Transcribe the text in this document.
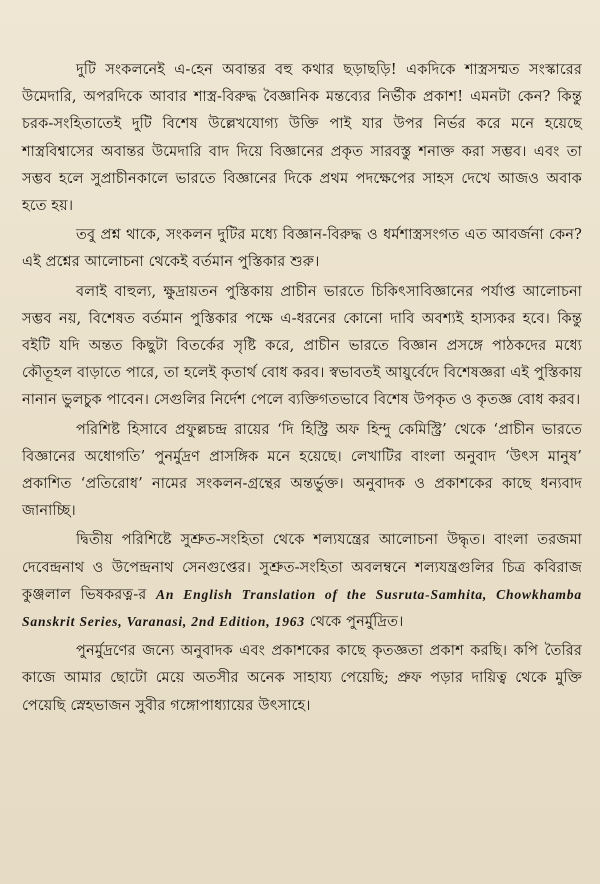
দুটি সংকলনেই এ-হেন অবান্তর বহু কথার ছড়াছড়ি! একদিকে শাস্ত্রসম্মত সংস্কারের উমেদারি, অপরদিকে আবার শাস্ত্র-বিরুদ্ধ বৈজ্ঞানিক মন্তব্যের নির্ভীক প্রকাশ! এমনটা কেন? কিন্তু চরক-সংহিতাতেই দুটি বিশেষ উল্লেখযোগ্য উক্তি পাই যার উপর নির্ভর করে মনে হয়েছে শাস্ত্রবিশ্বাসের অবান্তর উমেদারি বাদ দিয়ে বিজ্ঞানের প্রকৃত সারবস্তু শনাক্ত করা সম্ভব। এবং তা সম্ভব হলে সুপ্রাচীনকালে ভারতে বিজ্ঞানের দিকে প্রথম পদক্ষেপের সাহস দেখে আজও অবাক হতে হয়।

তবু প্রশ্ন থাকে, সংকলন দুটির মধ্যে বিজ্ঞান-বিরুদ্ধ ও ধর্মশাস্ত্রসংগত এত আবর্জনা কেন? এই প্রশ্নের আলোচনা থেকেই বর্তমান পুস্তিকার শুরু।

বলাই বাহুল্য, ক্ষুদ্রায়তন পুস্তিকায় প্রাচীন ভারতে চিকিৎসাবিজ্ঞানের পর্যাপ্ত আলোচনা সম্ভব নয়, বিশেষত বর্তমান পুস্তিকার পক্ষে এ-ধরনের কোনো দাবি অবশ্যই হাস্যকর হবে। কিন্তু বইটি যদি অন্তত কিছুটা বিতর্কের সৃষ্টি করে, প্রাচীন ভারতে বিজ্ঞান প্রসঙ্গে পাঠকদের মধ্যে কৌতূহল বাড়াতে পারে, তা হলেই কৃতার্থ বোধ করব। স্বভাবতই আয়ুর্বেদে বিশেষজ্ঞরা এই পুস্তিকায় নানান ভুলচুক পাবেন। সেগুলির নির্দেশ পেলে ব্যক্তিগতভাবে বিশেষ উপকৃত ও কৃতজ্ঞ বোধ করব।

পরিশিষ্ট হিসাবে প্রফুল্লচন্দ্র রায়ের ‘দি হিস্ট্রি অফ হিন্দু কেমিস্ট্রি’ থেকে ‘প্রাচীন ভারতে বিজ্ঞানের অধোগতি’ পুনর্মুদ্রণ প্রাসঙ্গিক মনে হয়েছে। লেখাটির বাংলা অনুবাদ ‘উৎস মানুষ’ প্রকাশিত ‘প্রতিরোধ’ নামের সংকলন-গ্রন্থের অন্তর্ভুক্ত। অনুবাদক ও প্রকাশকের কাছে ধন্যবাদ জানাচ্ছি।

দ্বিতীয় পরিশিষ্টে সুশ্রুত-সংহিতা থেকে শল্যযন্ত্রের আলোচনা উদ্ধৃত। বাংলা তরজমা দেবেন্দ্রনাথ ও উপেন্দ্রনাথ সেনগুপ্তের। সুশ্রুত-সংহিতা অবলম্বনে শল্যযন্ত্রগুলির চিত্র কবিরাজ কুঞ্জলাল ভিষকরত্ন-র An English Translation of the Susruta-Samhita, Chowkhamba Sanskrit Series, Varanasi, 2nd Edition, 1963 থেকে পুনর্মুদ্রিত।

পুনর্মুদ্রণের জন্যে অনুবাদক এবং প্রকাশকের কাছে কৃতজ্ঞতা প্রকাশ করছি। কপি তৈরির কাজে আমার ছোটো মেয়ে অতসীর অনেক সাহায্য পেয়েছি; প্রুফ পড়ার দায়িত্ব থেকে মুক্তি পেয়েছি স্নেহভাজন সুবীর গঙ্গোপাধ্যায়ের উৎসাহে।
